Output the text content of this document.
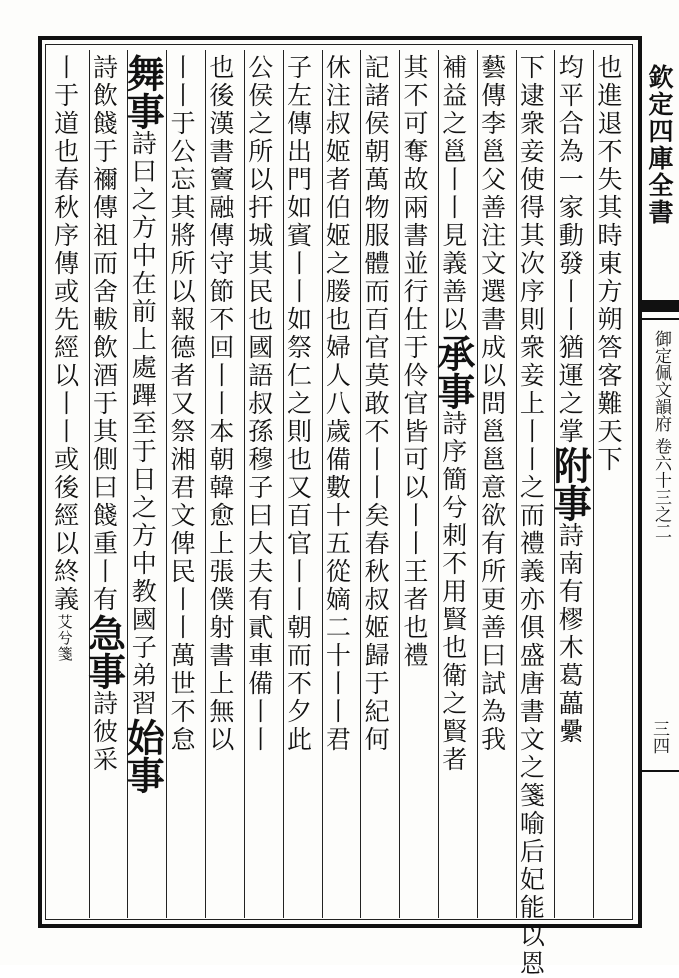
欽定四庫全書
御定佩文韻府 卷六十三之二
三四
也進退不失其時東方朔答客難天下
均平合為一家動發丨丨猶運之掌附事詩南有樛木葛藟纍
下逮衆妾使得其次序則衆妾上丨丨之而禮義亦俱盛唐書文之箋喻后妃能以恩
藝傳李邕父善注文選書成以問邕邕意欲有所更善曰試為我
補益之邕丨丨見義善以承事詩序簡兮刺不用賢也衛之賢者
其不可奪故兩書並行仕于伶官皆可以丨丨王者也禮
記諸侯朝萬物服體而百官莫敢不丨丨矣春秋叔姬歸于紀何
休注叔姬者伯姬之媵也婦人八歲備數十五從嫡二十丨丨君
子左傳出門如賓丨丨如祭仁之則也又百官丨丨朝而不夕此
公侯之所以扞城其民也國語叔孫穆子曰大夫有貳車備丨丨
也後漢書竇融傳守節不回丨丨本朝韓愈上張僕射書上無以
丨丨于公忘其將所以報德者又祭湘君文俾民丨丨萬世不怠
舞事詩曰之方中在前上處蹕至于日之方中教國子弟習始事
詩飲餞于禰傳祖而舍軷飲酒于其側曰餞重丨有急事詩彼采
丨于道也春秋序傳或先經以丨丨或後經以終義艾兮箋
